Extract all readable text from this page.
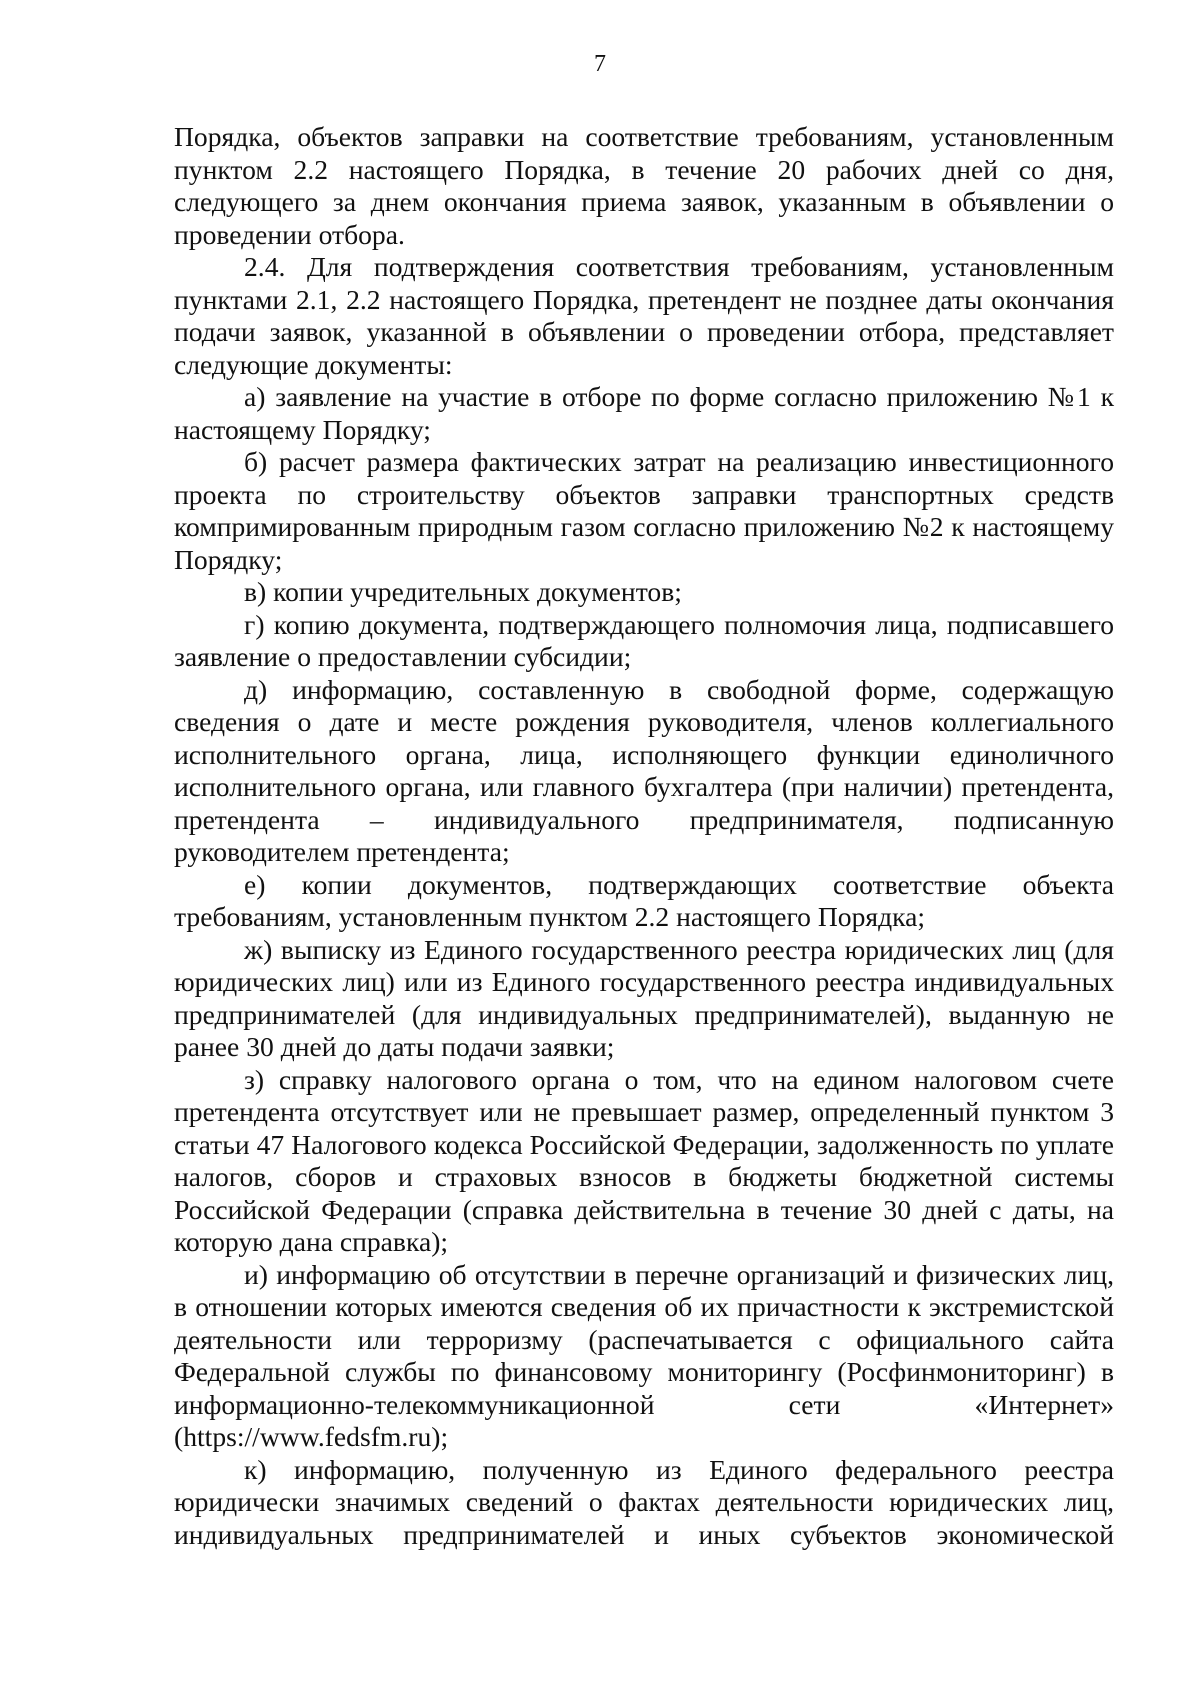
7

Порядка, объектов заправки на соответствие требованиям, установленным пунктом 2.2 настоящего Порядка, в течение 20 рабочих дней со дня, следующего за днем окончания приема заявок, указанным в объявлении о проведении отбора.

2.4. Для подтверждения соответствия требованиям, установленным пунктами 2.1, 2.2 настоящего Порядка, претендент не позднее даты окончания подачи заявок, указанной в объявлении о проведении отбора, представляет следующие документы:

а) заявление на участие в отборе по форме согласно приложению №1 к настоящему Порядку;

б) расчет размера фактических затрат на реализацию инвестиционного проекта по строительству объектов заправки транспортных средств компримированным природным газом согласно приложению №2 к настоящему Порядку;

в) копии учредительных документов;

г) копию документа, подтверждающего полномочия лица, подписавшего заявление о предоставлении субсидии;

д) информацию, составленную в свободной форме, содержащую сведения о дате и месте рождения руководителя, членов коллегиального исполнительного органа, лица, исполняющего функции единоличного исполнительного органа, или главного бухгалтера (при наличии) претендента, претендента – индивидуального предпринимателя, подписанную руководителем претендента;

е) копии документов, подтверждающих соответствие объекта требованиям, установленным пунктом 2.2 настоящего Порядка;

ж) выписку из Единого государственного реестра юридических лиц (для юридических лиц) или из Единого государственного реестра индивидуальных предпринимателей (для индивидуальных предпринимателей), выданную не ранее 30 дней до даты подачи заявки;

з) справку налогового органа о том, что на едином налоговом счете претендента отсутствует или не превышает размер, определенный пунктом 3 статьи 47 Налогового кодекса Российской Федерации, задолженность по уплате налогов, сборов и страховых взносов в бюджеты бюджетной системы Российской Федерации (справка действительна в течение 30 дней с даты, на которую дана справка);

и) информацию об отсутствии в перечне организаций и физических лиц, в отношении которых имеются сведения об их причастности к экстремистской деятельности или терроризму (распечатывается с официального сайта Федеральной службы по финансовому мониторингу (Росфинмониторинг) в информационно-телекоммуникационной сети «Интернет» (https://www.fedsfm.ru);

к) информацию, полученную из Единого федерального реестра юридически значимых сведений о фактах деятельности юридических лиц, индивидуальных предпринимателей и иных субъектов экономической
